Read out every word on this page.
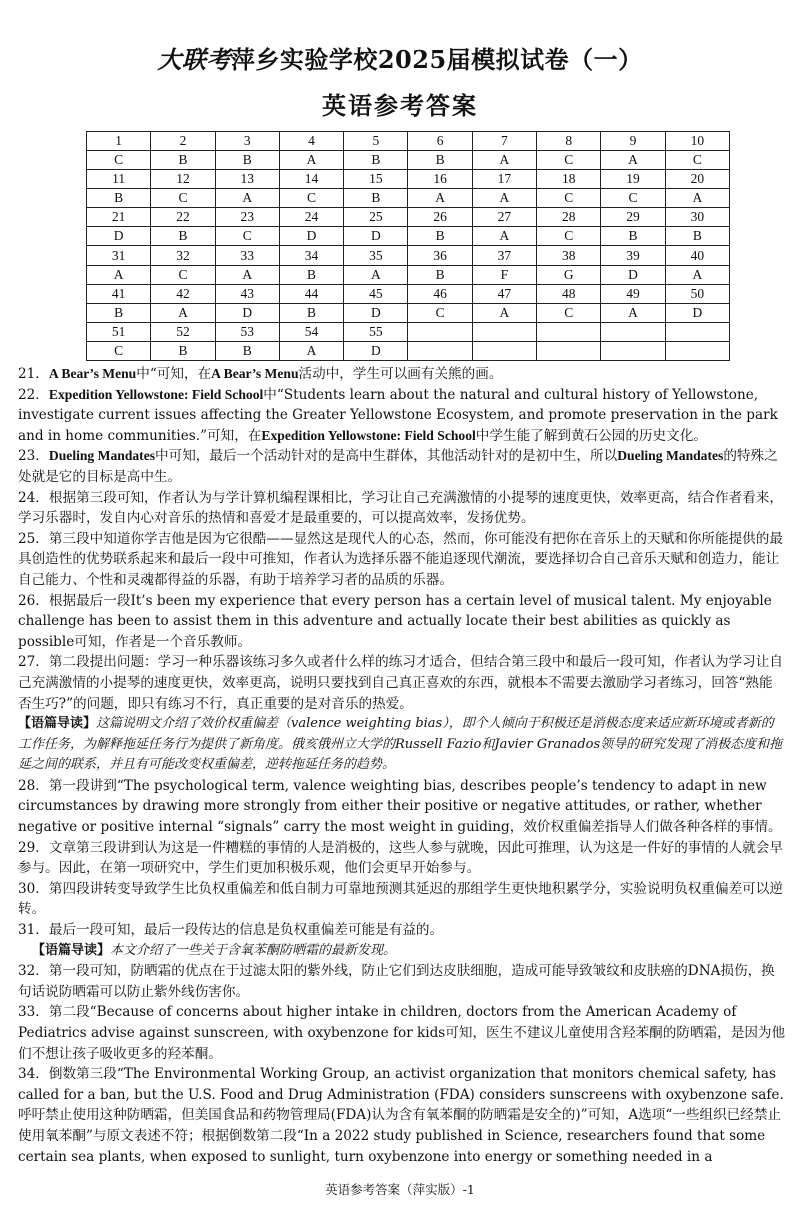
大联考萍乡实验学校2025届模拟试卷（一）
英语参考答案
1	2	3	4	5	6	7	8	9	10
C	B	B	A	B	B	A	C	A	C
11	12	13	14	15	16	17	18	19	20
B	C	A	C	B	A	A	C	C	A
21	22	23	24	25	26	27	28	29	30
D	B	C	D	D	B	A	C	B	B
31	32	33	34	35	36	37	38	39	40
A	C	A	B	A	B	F	G	D	A
41	42	43	44	45	46	47	48	49	50
B	A	D	B	D	C	A	C	A	D
51	52	53	54	55					
C	B	B	A	D					

21．A Bear’s Menu中“可知，在A Bear’s Menu活动中，学生可以画有关熊的画。

22．Expedition Yellowstone: Field School中“Students learn about the natural and cultural history of Yellowstone, investigate current issues affecting the Greater Yellowstone Ecosystem, and promote preservation in the park and in home communities.”可知，在Expedition Yellowstone: Field School中学生能了解到黄石公园的历史文化。

23．Dueling Mandates中可知，最后一个活动针对的是高中生群体，其他活动针对的是初中生，所以Dueling Mandates的特殊之处就是它的目标是高中生。

24．根据第三段可知，作者认为与学计算机编程课相比，学习让自己充满激情的小提琴的速度更快，效率更高，结合作者看来，学习乐器时，发自内心对音乐的热情和喜爱才是最重要的，可以提高效率，发扬优势。

25．第三段中知道你学吉他是因为它很酷——显然这是现代人的心态，然而，你可能没有把你在音乐上的天赋和你所能提供的最具创造性的优势联系起来和最后一段中可推知，作者认为选择乐器不能追逐现代潮流，要选择切合自己音乐天赋和创造力，能让自己能力、个性和灵魂都得益的乐器，有助于培养学习者的品质的乐器。

26．根据最后一段It’s been my experience that every person has a certain level of musical talent. My enjoyable challenge has been to assist them in this adventure and actually locate their best abilities as quickly as possible可知，作者是一个音乐教师。

27．第二段提出问题：学习一种乐器该练习多久或者什么样的练习才适合，但结合第三段中和最后一段可知，作者认为学习让自己充满激情的小提琴的速度更快，效率更高，说明只要找到自己真正喜欢的东西，就根本不需要去激励学习者练习，回答“熟能否生巧?”的问题，即只有练习不行，真正重要的是对音乐的热爱。

【语篇导读】这篇说明文介绍了效价权重偏差（valence weighting bias），即个人倾向于积极还是消极态度来适应新环境或者新的工作任务，为解释拖延任务行为提供了新角度。俄亥俄州立大学的Russell Fazio和Javier Granados领导的研究发现了消极态度和拖延之间的联系，并且有可能改变权重偏差，逆转拖延任务的趋势。

28．第一段讲到“The psychological term, valence weighting bias, describes people’s tendency to adapt in new circumstances by drawing more strongly from either their positive or negative attitudes, or rather, whether negative or positive internal “signals” carry the most weight in guiding，效价权重偏差指导人们做各种各样的事情。

29．文章第三段讲到认为这是一件糟糕的事情的人是消极的，这些人参与就晚，因此可推理，认为这是一件好的事情的人就会早参与。因此，在第一项研究中，学生们更加积极乐观，他们会更早开始参与。

30．第四段讲转变导致学生比负权重偏差和低自制力可靠地预测其延迟的那组学生更快地积累学分，实验说明负权重偏差可以逆转。

31．最后一段可知，最后一段传达的信息是负权重偏差可能是有益的。

【语篇导读】本文介绍了一些关于含氧苯酮防晒霜的最新发现。

32．第一段可知，防晒霜的优点在于过滤太阳的紫外线，防止它们到达皮肤细胞，造成可能导致皱纹和皮肤癌的DNA损伤，换句话说防晒霜可以防止紫外线伤害你。

33．第二段“Because of concerns about higher intake in children, doctors from the American Academy of Pediatrics advise against sunscreen, with oxybenzone for kids可知，医生不建议儿童使用含羟苯酮的防晒霜，是因为他们不想让孩子吸收更多的羟苯酮。

34．倒数第三段“The Environmental Working Group, an activist organization that monitors chemical safety, has called for a ban, but the U.S. Food and Drug Administration (FDA) considers sunscreens with oxybenzone safe.呼吁禁止使用这种防晒霜，但美国食品和药物管理局(FDA)认为含有氧苯酮的防晒霜是安全的)”可知，A选项“一些组织已经禁止使用氧苯酮”与原文表述不符；根据倒数第二段“In a 2022 study published in Science, researchers found that some certain sea plants, when exposed to sunlight, turn oxybenzone into energy or something needed in a

英语参考答案（萍实版）-1
